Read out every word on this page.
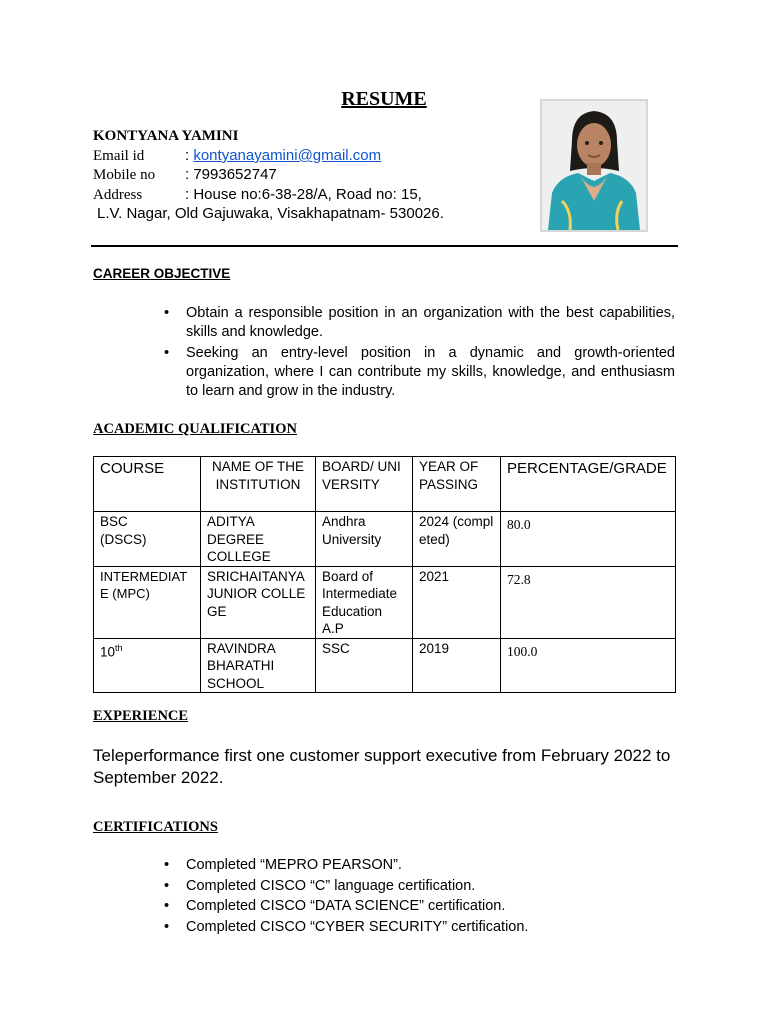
RESUME
KONTYANA YAMINI
Email id	: kontyanayamini@gmail.com
Mobile no : 7993652747
Address	: House no:6-38-28/A, Road no: 15,
L.V. Nagar, Old Gajuwaka, Visakhapatnam- 530026.
CAREER OBJECTIVE
• Obtain a responsible position in an organization with the best capabilities, skills and knowledge.
• Seeking an entry-level position in a dynamic and growth-oriented organization, where I can contribute my skills, knowledge, and enthusiasm to learn and grow in the industry.
ACADEMIC QUALIFICATION
COURSE	NAME OF THE INSTITUTION	BOARD/ UNIVERSITY	YEAR OF PASSING	PERCENTAGE/GRADE
BSC (DSCS)	ADITYA DEGREE COLLEGE	Andhra University	2024 (completed)	80.0
INTERMEDIATE (MPC)	SRICHAITANYA JUNIOR COLLEGE	Board of Intermediate Education A.P	2021	72.8
10th	RAVINDRA BHARATHI SCHOOL	SSC	2019	100.0
EXPERIENCE
Teleperformance first one customer support executive from February 2022 to September 2022.
CERTIFICATIONS
• Completed “MEPRO PEARSON”.
• Completed CISCO “C” language certification.
• Completed CISCO “DATA SCIENCE” certification.
• Completed CISCO “CYBER SECURITY” certification.
